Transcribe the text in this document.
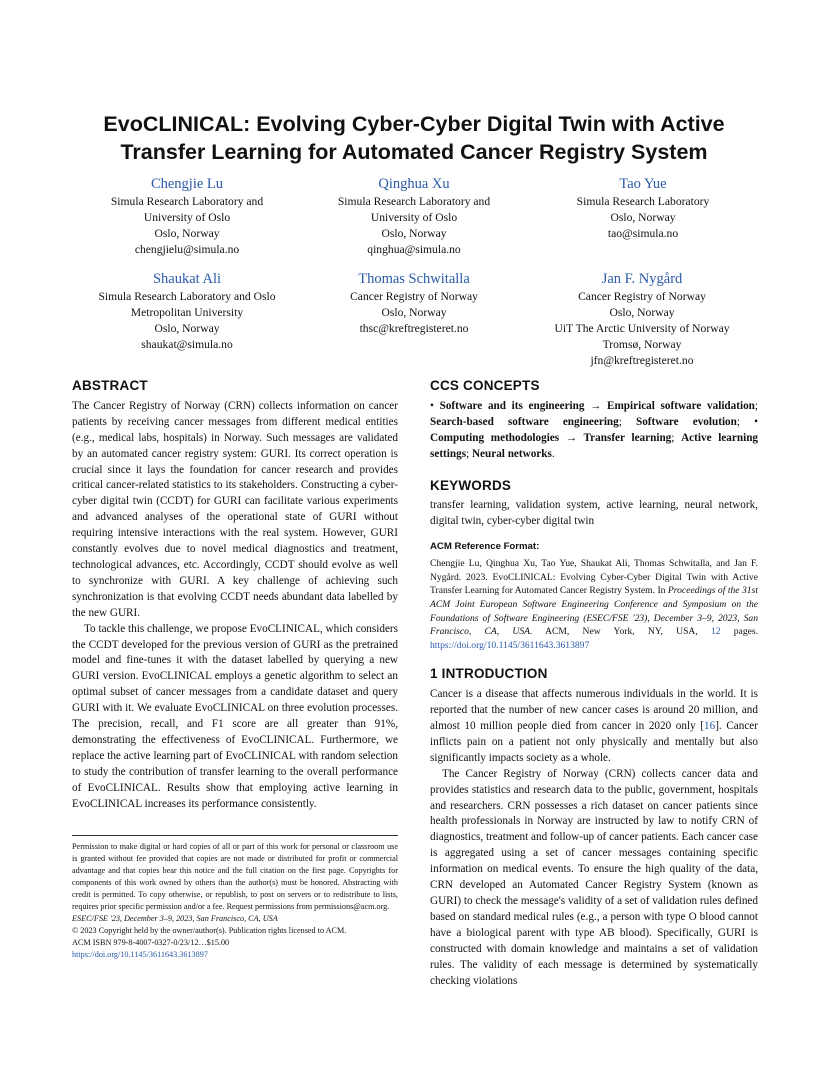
EvoCLINICAL: Evolving Cyber-Cyber Digital Twin with Active
Transfer Learning for Automated Cancer Registry System
Chengjie Lu
Simula Research Laboratory and
University of Oslo
Oslo, Norway
chengjielu@simula.no
Qinghua Xu
Simula Research Laboratory and
University of Oslo
Oslo, Norway
qinghua@simula.no
Tao Yue
Simula Research Laboratory
Oslo, Norway
tao@simula.no
Shaukat Ali
Simula Research Laboratory and Oslo
Metropolitan University
Oslo, Norway
shaukat@simula.no
Thomas Schwitalla
Cancer Registry of Norway
Oslo, Norway
thsc@kreftregisteret.no
Jan F. Nygård
Cancer Registry of Norway
Oslo, Norway
UiT The Arctic University of Norway
Tromsø, Norway
jfn@kreftregisteret.no
ABSTRACT

The Cancer Registry of Norway (CRN) collects information on cancer patients by receiving cancer messages from different medical entities (e.g., medical labs, hospitals) in Norway. Such messages are validated by an automated cancer registry system: GURI. Its correct operation is crucial since it lays the foundation for cancer research and provides critical cancer-related statistics to its stakeholders. Constructing a cyber-cyber digital twin (CCDT) for GURI can facilitate various experiments and advanced analyses of the operational state of GURI without requiring intensive interactions with the real system. However, GURI constantly evolves due to novel medical diagnostics and treatment, technological advances, etc. Accordingly, CCDT should evolve as well to synchronize with GURI. A key challenge of achieving such synchronization is that evolving CCDT needs abundant data labelled by the new GURI.

To tackle this challenge, we propose EvoCLINICAL, which considers the CCDT developed for the previous version of GURI as the pretrained model and fine-tunes it with the dataset labelled by querying a new GURI version. EvoCLINICAL employs a genetic algorithm to select an optimal subset of cancer messages from a candidate dataset and query GURI with it. We evaluate EvoCLINICAL on three evolution processes. The precision, recall, and F1 score are all greater than 91%, demonstrating the effectiveness of EvoCLINICAL. Furthermore, we replace the active learning part of EvoCLINICAL with random selection to study the contribution of transfer learning to the overall performance of EvoCLINICAL. Results show that employing active learning in EvoCLINICAL increases its performance consistently.

Permission to make digital or hard copies of all or part of this work for personal or classroom use is granted without fee provided that copies are not made or distributed for profit or commercial advantage and that copies bear this notice and the full citation on the first page. Copyrights for components of this work owned by others than the author(s) must be honored. Abstracting with credit is permitted. To copy otherwise, or republish, to post on servers or to redistribute to lists, requires prior specific permission and/or a fee. Request permissions from permissions@acm.org.
ESEC/FSE '23, December 3–9, 2023, San Francisco, CA, USA
© 2023 Copyright held by the owner/author(s). Publication rights licensed to ACM.
ACM ISBN 979-8-4007-0327-0/23/12…$15.00
https://doi.org/10.1145/3611643.3613897
CCS CONCEPTS

• Software and its engineering → Empirical software validation; Search-based software engineering; Software evolution; • Computing methodologies → Transfer learning; Active learning settings; Neural networks.

KEYWORDS

transfer learning, validation system, active learning, neural network, digital twin, cyber-cyber digital twin

ACM Reference Format:

Chengjie Lu, Qinghua Xu, Tao Yue, Shaukat Ali, Thomas Schwitalla, and Jan F. Nygård. 2023. EvoCLINICAL: Evolving Cyber-Cyber Digital Twin with Active Transfer Learning for Automated Cancer Registry System. In Proceedings of the 31st ACM Joint European Software Engineering Conference and Symposium on the Foundations of Software Engineering (ESEC/FSE '23), December 3–9, 2023, San Francisco, CA, USA. ACM, New York, NY, USA, 12 pages. https://doi.org/10.1145/3611643.3613897

1 INTRODUCTION

Cancer is a disease that affects numerous individuals in the world. It is reported that the number of new cancer cases is around 20 million, and almost 10 million people died from cancer in 2020 only [16]. Cancer inflicts pain on a patient not only physically and mentally but also significantly impacts society as a whole.

The Cancer Registry of Norway (CRN) collects cancer data and provides statistics and research data to the public, government, hospitals and researchers. CRN possesses a rich dataset on cancer patients since health professionals in Norway are instructed by law to notify CRN of diagnostics, treatment and follow-up of cancer patients. Each cancer case is aggregated using a set of cancer messages containing specific information on medical events. To ensure the high quality of the data, CRN developed an Automated Cancer Registry System (known as GURI) to check the message's validity of a set of validation rules defined based on standard medical rules (e.g., a person with type O blood cannot have a biological parent with type AB blood). Specifically, GURI is constructed with domain knowledge and maintains a set of validation rules. The validity of each message is determined by systematically checking violations
